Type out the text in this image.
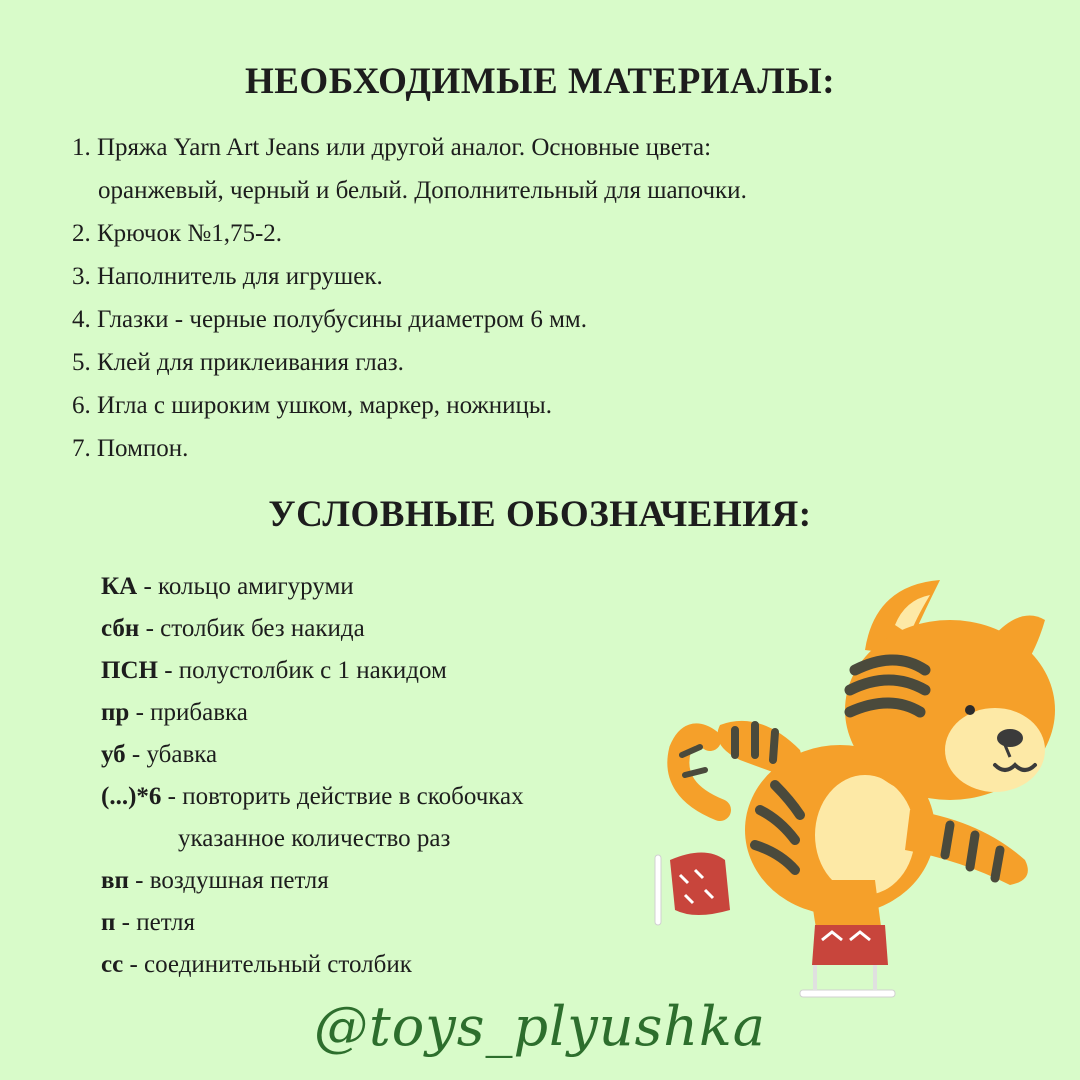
НЕОБХОДИМЫЕ МАТЕРИАЛЫ:
1. Пряжа Yarn Art Jeans или другой аналог. Основные цвета:
оранжевый, черный и белый. Дополнительный для шапочки.
2. Крючок №1,75-2.
3. Наполнитель для игрушек.
4. Глазки - черные полубусины диаметром 6 мм.
5. Клей для приклеивания глаз.
6. Игла с широким ушком, маркер, ножницы.
7. Помпон.
УСЛОВНЫЕ ОБОЗНАЧЕНИЯ:
КА - кольцо амигуруми
сбн - столбик без накида
ПСН - полустолбик с 1 накидом
пр - прибавка
уб - убавка
(...)*6 - повторить действие в скобочках
указанное количество раз
вп - воздушная петля
п - петля
сс - соединительный столбик
@toys_plyushka
